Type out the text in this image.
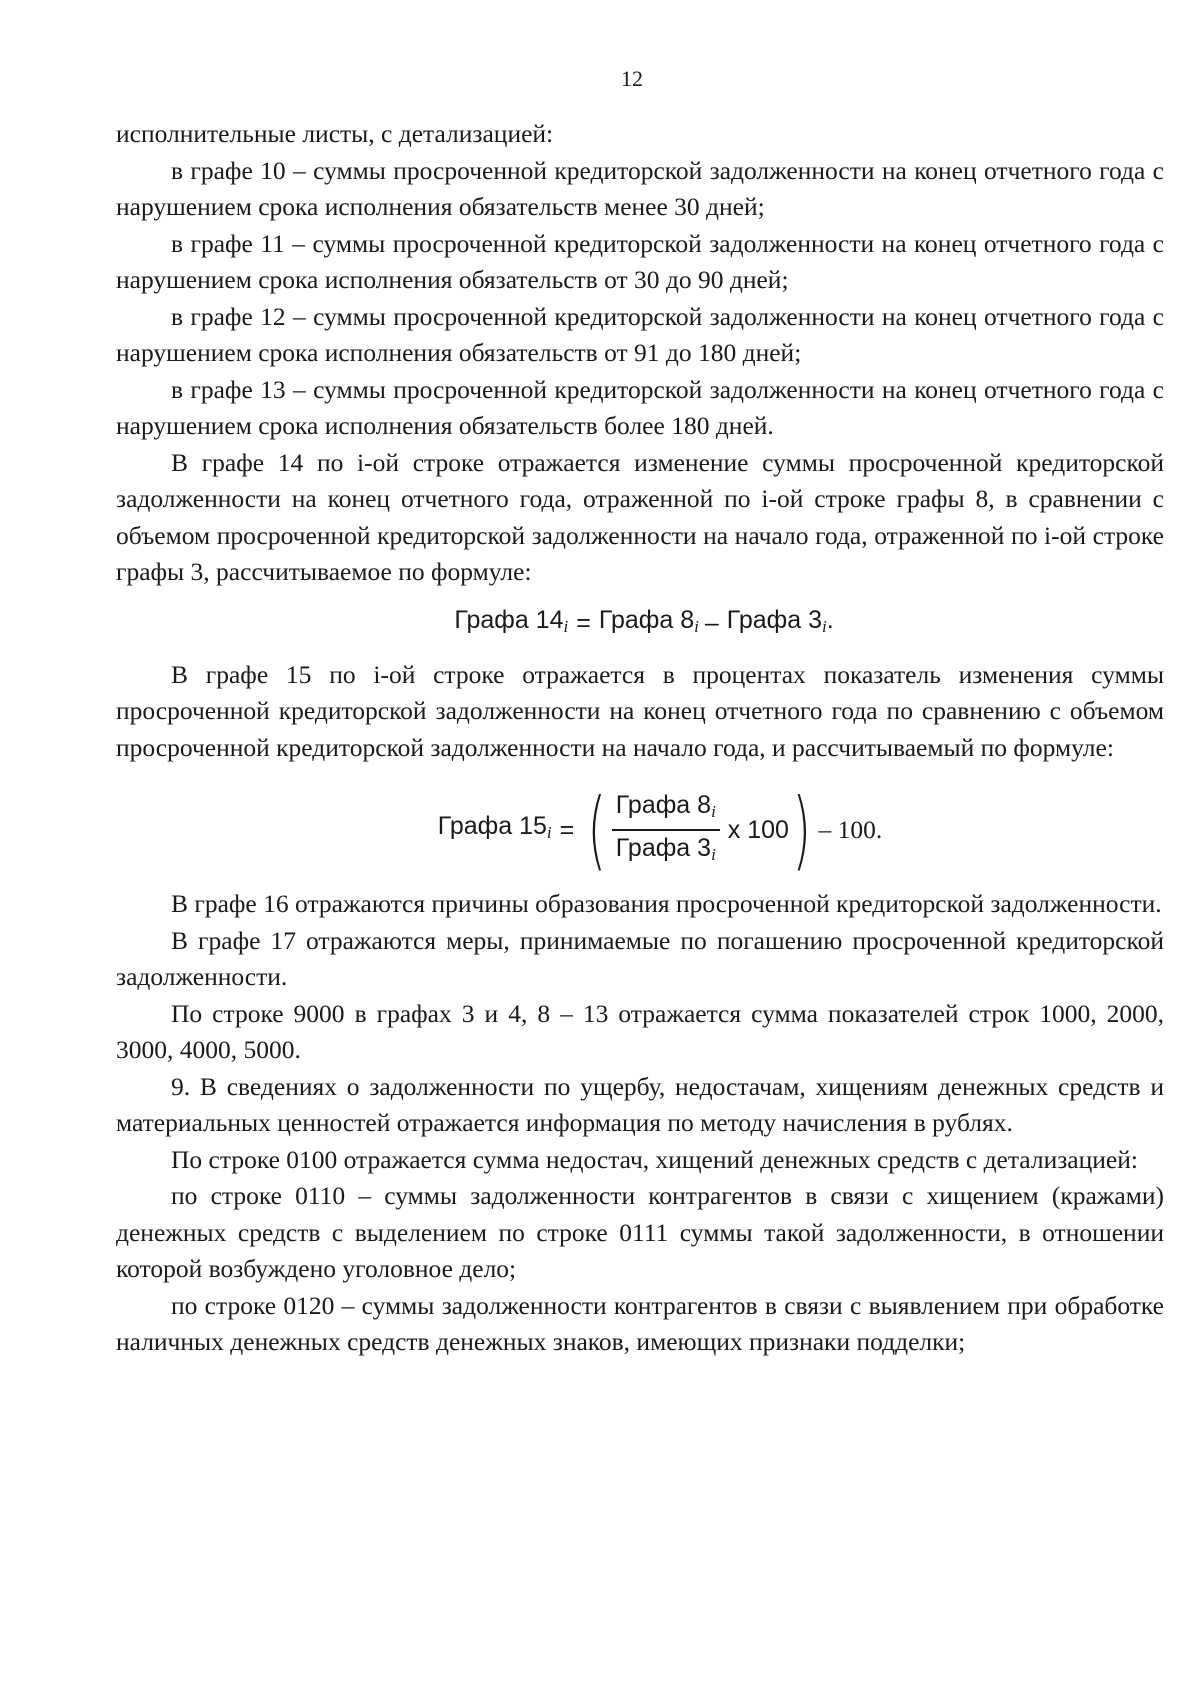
12

исполнительные листы, с детализацией:

в графе 10 – суммы просроченной кредиторской задолженности на конец отчетного года с нарушением срока исполнения обязательств менее 30 дней;

в графе 11 – суммы просроченной кредиторской задолженности на конец отчетного года с нарушением срока исполнения обязательств от 30 до 90 дней;

в графе 12 – суммы просроченной кредиторской задолженности на конец отчетного года с нарушением срока исполнения обязательств от 91 до 180 дней;

в графе 13 – суммы просроченной кредиторской задолженности на конец отчетного года с нарушением срока исполнения обязательств более 180 дней.

В графе 14 по i-ой строке отражается изменение суммы просроченной кредиторской задолженности на конец отчетного года, отраженной по i-ой строке графы 8, в сравнении с объемом просроченной кредиторской задолженности на начало года, отраженной по i-ой строке графы 3, рассчитываемое по формуле:

Графа $14_i$ = Графа $8_i$ – Графа $3_i$.

В графе 15 по i-ой строке отражается в процентах показатель изменения суммы просроченной кредиторской задолженности на конец отчетного года по сравнению с объемом просроченной кредиторской задолженности на начало года, и рассчитываемый по формуле:

Графа $15_i$ = ( $\frac{Графа 8_i}{Графа 3_i}$ х 100 ) – 100.

В графе 16 отражаются причины образования просроченной кредиторской задолженности.

В графе 17 отражаются меры, принимаемые по погашению просроченной кредиторской задолженности.

По строке 9000 в графах 3 и 4, 8 – 13 отражается сумма показателей строк 1000, 2000, 3000, 4000, 5000.

9. В сведениях о задолженности по ущербу, недостачам, хищениям денежных средств и материальных ценностей отражается информация по методу начисления в рублях.

По строке 0100 отражается сумма недостач, хищений денежных средств с детализацией:

по строке 0110 – суммы задолженности контрагентов в связи с хищением (кражами) денежных средств с выделением по строке 0111 суммы такой задолженности, в отношении которой возбуждено уголовное дело;

по строке 0120 – суммы задолженности контрагентов в связи с выявлением при обработке наличных денежных средств денежных знаков, имеющих признаки подделки;
